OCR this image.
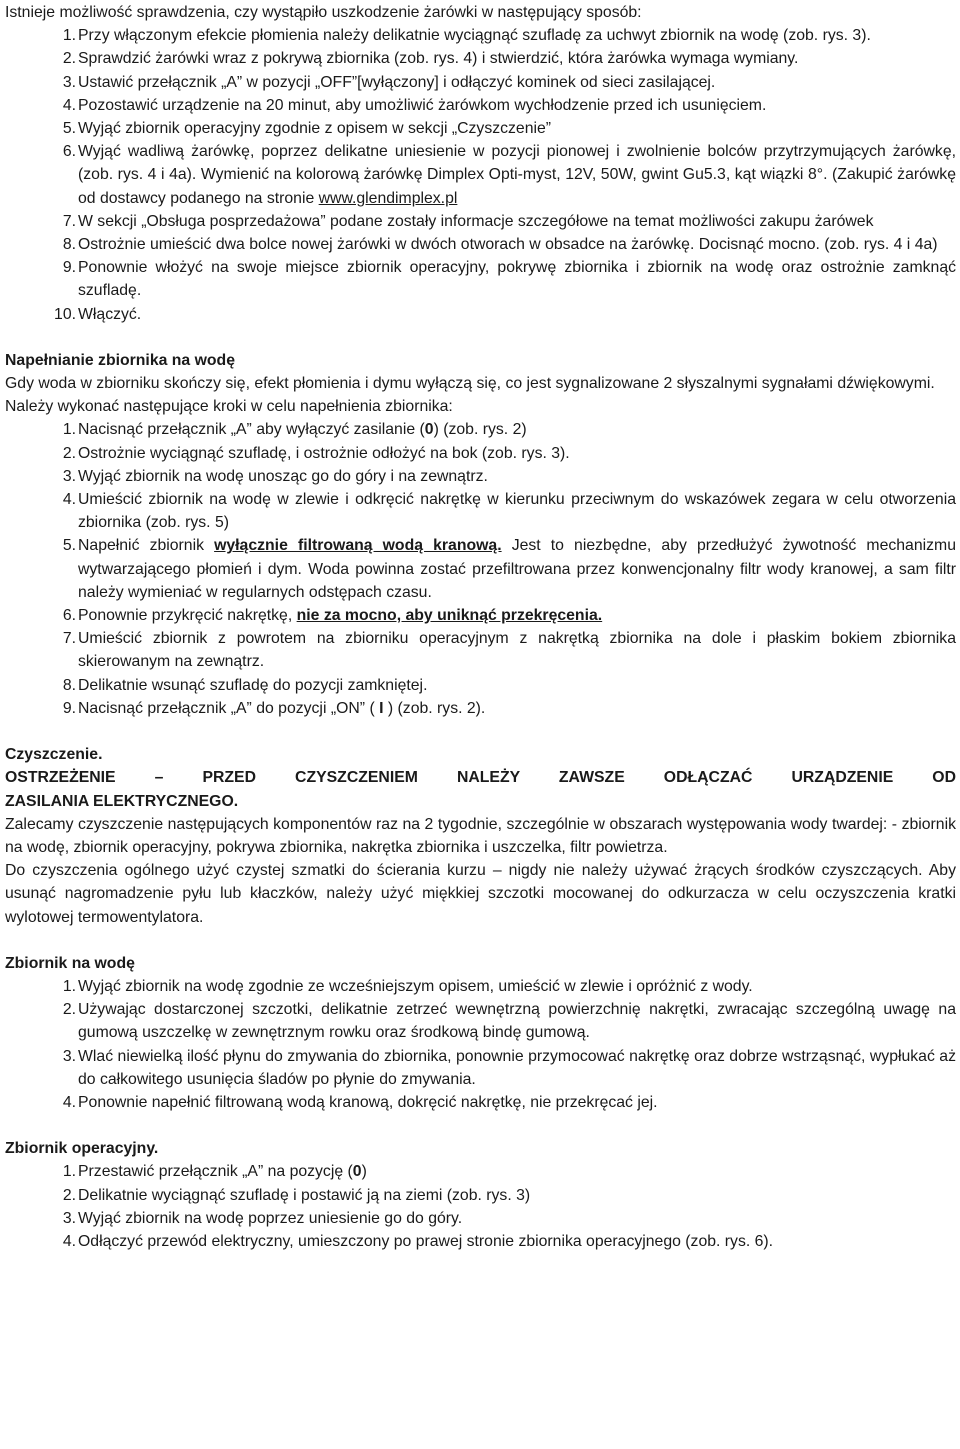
Istnieje możliwość sprawdzenia, czy wystąpiło uszkodzenie żarówki w następujący sposób:

1. Przy włączonym efekcie płomienia należy delikatnie wyciągnąć szufladę za uchwyt zbiornik na wodę (zob. rys. 3).
2. Sprawdzić żarówki wraz z pokrywą zbiornika (zob. rys. 4) i stwierdzić, która żarówka wymaga wymiany.
3. Ustawić przełącznik „A” w pozycji „OFF”[wyłączony] i odłączyć kominek od sieci zasilającej.
4. Pozostawić urządzenie na 20 minut, aby umożliwić żarówkom wychłodzenie przed ich usunięciem.
5. Wyjąć zbiornik operacyjny zgodnie z opisem w sekcji „Czyszczenie”
6. Wyjąć wadliwą żarówkę, poprzez delikatne uniesienie w pozycji pionowej i zwolnienie bolców przytrzymujących żarówkę, (zob. rys. 4 i 4a). Wymienić na kolorową żarówkę Dimplex Opti-myst, 12V, 50W, gwint Gu5.3, kąt wiązki 8°. (Zakupić żarówkę od dostawcy podanego na stronie www.glendimplex.pl
7. W sekcji „Obsługa posprzedażowa” podane zostały informacje szczegółowe na temat możliwości zakupu żarówek
8. Ostrożnie umieścić dwa bolce nowej żarówki w dwóch otworach w obsadce na żarówkę. Docisnąć mocno. (zob. rys. 4 i 4a)
9. Ponownie włożyć na swoje miejsce zbiornik operacyjny, pokrywę zbiornika i zbiornik na wodę oraz ostrożnie zamknąć szufladę.
10. Włączyć.

Napełnianie zbiornika na wodę

Gdy woda w zbiorniku skończy się, efekt płomienia i dymu wyłączą się, co jest sygnalizowane 2 słyszalnymi sygnałami dźwiękowymi.

Należy wykonać następujące kroki w celu napełnienia zbiornika:

1. Nacisnąć przełącznik „A” aby wyłączyć zasilanie (0) (zob. rys. 2)
2. Ostrożnie wyciągnąć szufladę, i ostrożnie odłożyć na bok (zob. rys. 3).
3. Wyjąć zbiornik na wodę unosząc go do góry i na zewnątrz.
4. Umieścić zbiornik na wodę w zlewie i odkręcić nakrętkę w kierunku przeciwnym do wskazówek zegara w celu otworzenia zbiornika (zob. rys. 5)
5. Napełnić zbiornik wyłącznie filtrowaną wodą kranową. Jest to niezbędne, aby przedłużyć żywotność mechanizmu wytwarzającego płomień i dym. Woda powinna zostać przefiltrowana przez konwencjonalny filtr wody kranowej, a sam filtr należy wymieniać w regularnych odstępach czasu.
6. Ponownie przykręcić nakrętkę, nie za mocno, aby uniknąć przekręcenia.
7. Umieścić zbiornik z powrotem na zbiorniku operacyjnym z nakrętką zbiornika na dole i płaskim bokiem zbiornika skierowanym na zewnątrz.
8. Delikatnie wsunąć szufladę do pozycji zamkniętej.
9. Nacisnąć przełącznik „A” do pozycji „ON” ( I ) (zob. rys. 2).

Czyszczenie.

OSTRZEŻENIE – PRZED CZYSZCZENIEM NALEŻY ZAWSZE ODŁĄCZAĆ URZĄDZENIE OD

ZASILANIA ELEKTRYCZNEGO.

Zalecamy czyszczenie następujących komponentów raz na 2 tygodnie, szczególnie w obszarach występowania wody twardej: - zbiornik na wodę, zbiornik operacyjny, pokrywa zbiornika, nakrętka zbiornika i uszczelka, filtr powietrza.

Do czyszczenia ogólnego użyć czystej szmatki do ścierania kurzu – nigdy nie należy używać żrących środków czyszczących. Aby usunąć nagromadzenie pyłu lub kłaczków, należy użyć miękkiej szczotki mocowanej do odkurzacza w celu oczyszczenia kratki wylotowej termowentylatora.

Zbiornik na wodę

1. Wyjąć zbiornik na wodę zgodnie ze wcześniejszym opisem, umieścić w zlewie i opróżnić z wody.
2. Używając dostarczonej szczotki, delikatnie zetrzeć wewnętrzną powierzchnię nakrętki, zwracając szczególną uwagę na gumową uszczelkę w zewnętrznym rowku oraz środkową bindę gumową.
3. Wlać niewielką ilość płynu do zmywania do zbiornika, ponownie przymocować nakrętkę oraz dobrze wstrząsnąć, wypłukać aż do całkowitego usunięcia śladów po płynie do zmywania.
4. Ponownie napełnić filtrowaną wodą kranową, dokręcić nakrętkę, nie przekręcać jej.

Zbiornik operacyjny.

1. Przestawić przełącznik „A” na pozycję (0)
2. Delikatnie wyciągnąć szufladę i postawić ją na ziemi (zob. rys. 3)
3. Wyjąć zbiornik na wodę poprzez uniesienie go do góry.
4. Odłączyć przewód elektryczny, umieszczony po prawej stronie zbiornika operacyjnego (zob. rys. 6).
